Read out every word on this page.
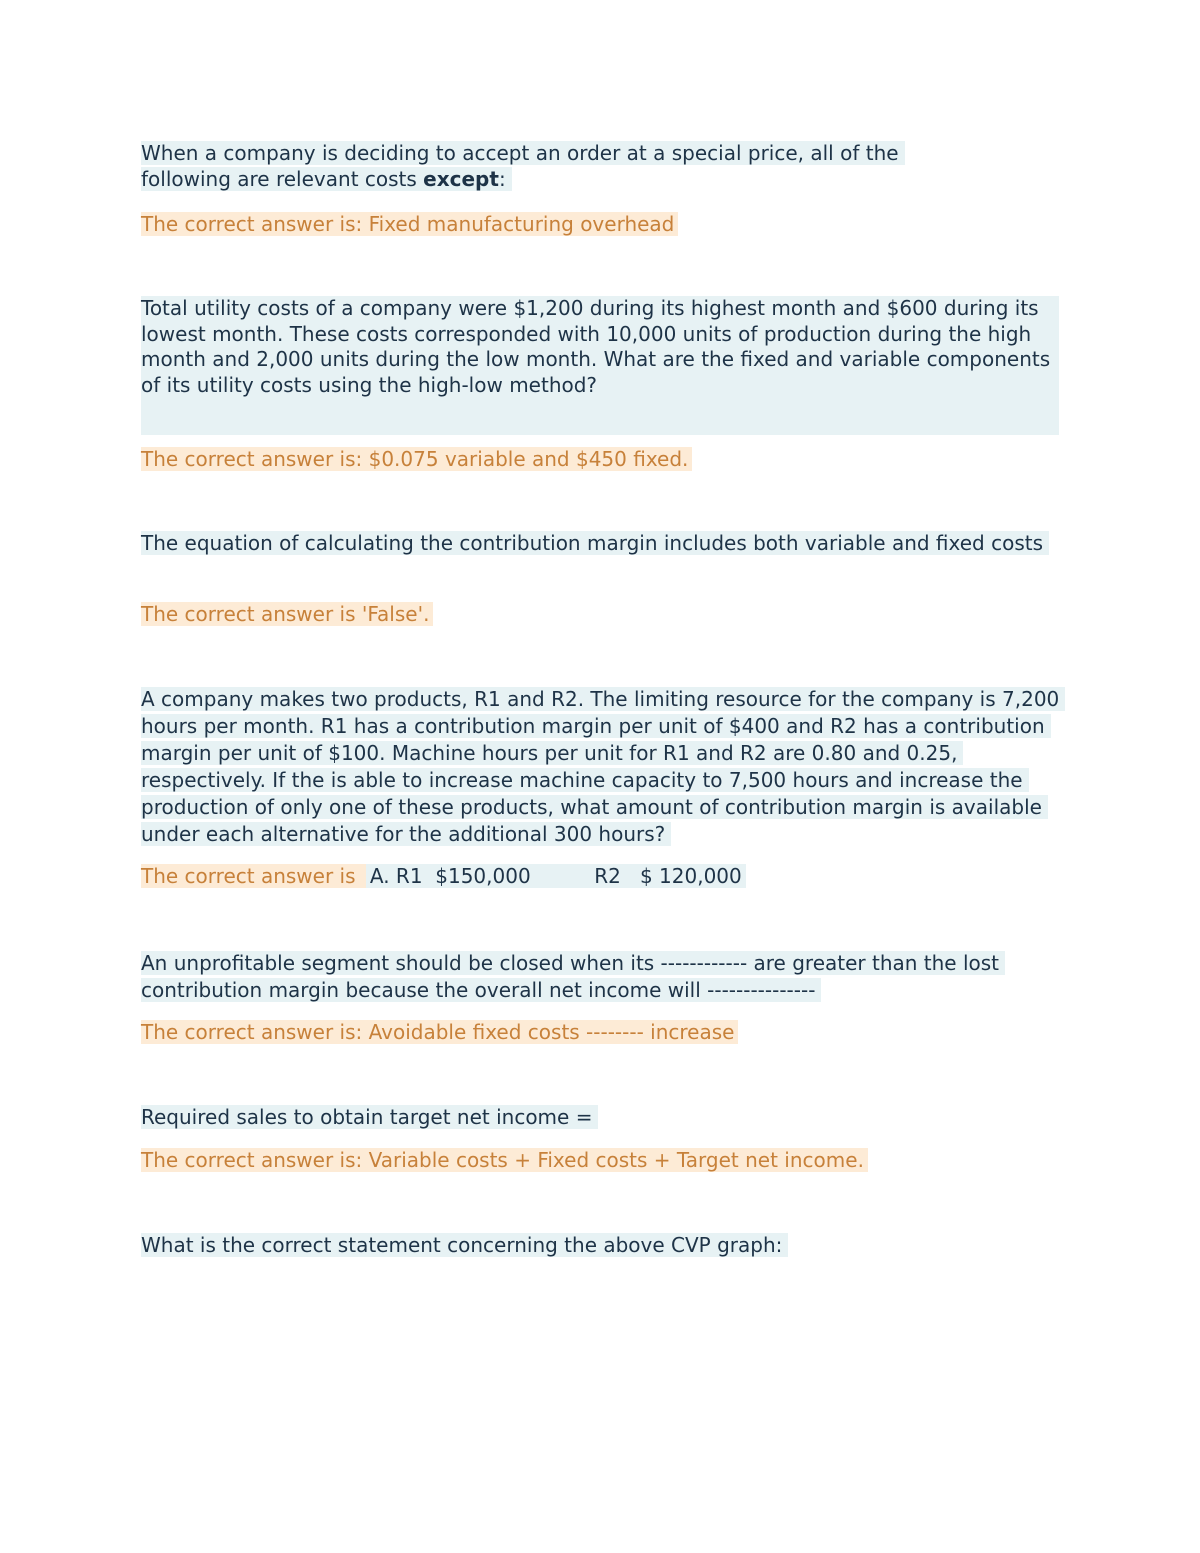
When a company is deciding to accept an order at a special price, all of the following are relevant costs except:
The correct answer is: Fixed manufacturing overhead
Total utility costs of a company were $1,200 during its highest month and $600 during its lowest month. These costs corresponded with 10,000 units of production during the high month and 2,000 units during the low month. What are the fixed and variable components of its utility costs using the high-low method?
The correct answer is: $0.075 variable and $450 fixed.
The equation of calculating the contribution margin includes both variable and fixed costs
The correct answer is 'False'.
A company makes two products, R1 and R2. The limiting resource for the company is 7,200 hours per month. R1 has a contribution margin per unit of $400 and R2 has a contribution margin per unit of $100. Machine hours per unit for R1 and R2 are 0.80 and 0.25, respectively. If the is able to increase machine capacity to 7,500 hours and increase the production of only one of these products, what amount of contribution margin is available under each alternative for the additional 300 hours?
The correct answer is A. R1  $150,000          R2   $ 120,000
An unprofitable segment should be closed when its ------------ are greater than the lost contribution margin because the overall net income will ---------------
The correct answer is: Avoidable fixed costs -------- increase
Required sales to obtain target net income =
The correct answer is: Variable costs + Fixed costs + Target net income.
What is the correct statement concerning the above CVP graph:
